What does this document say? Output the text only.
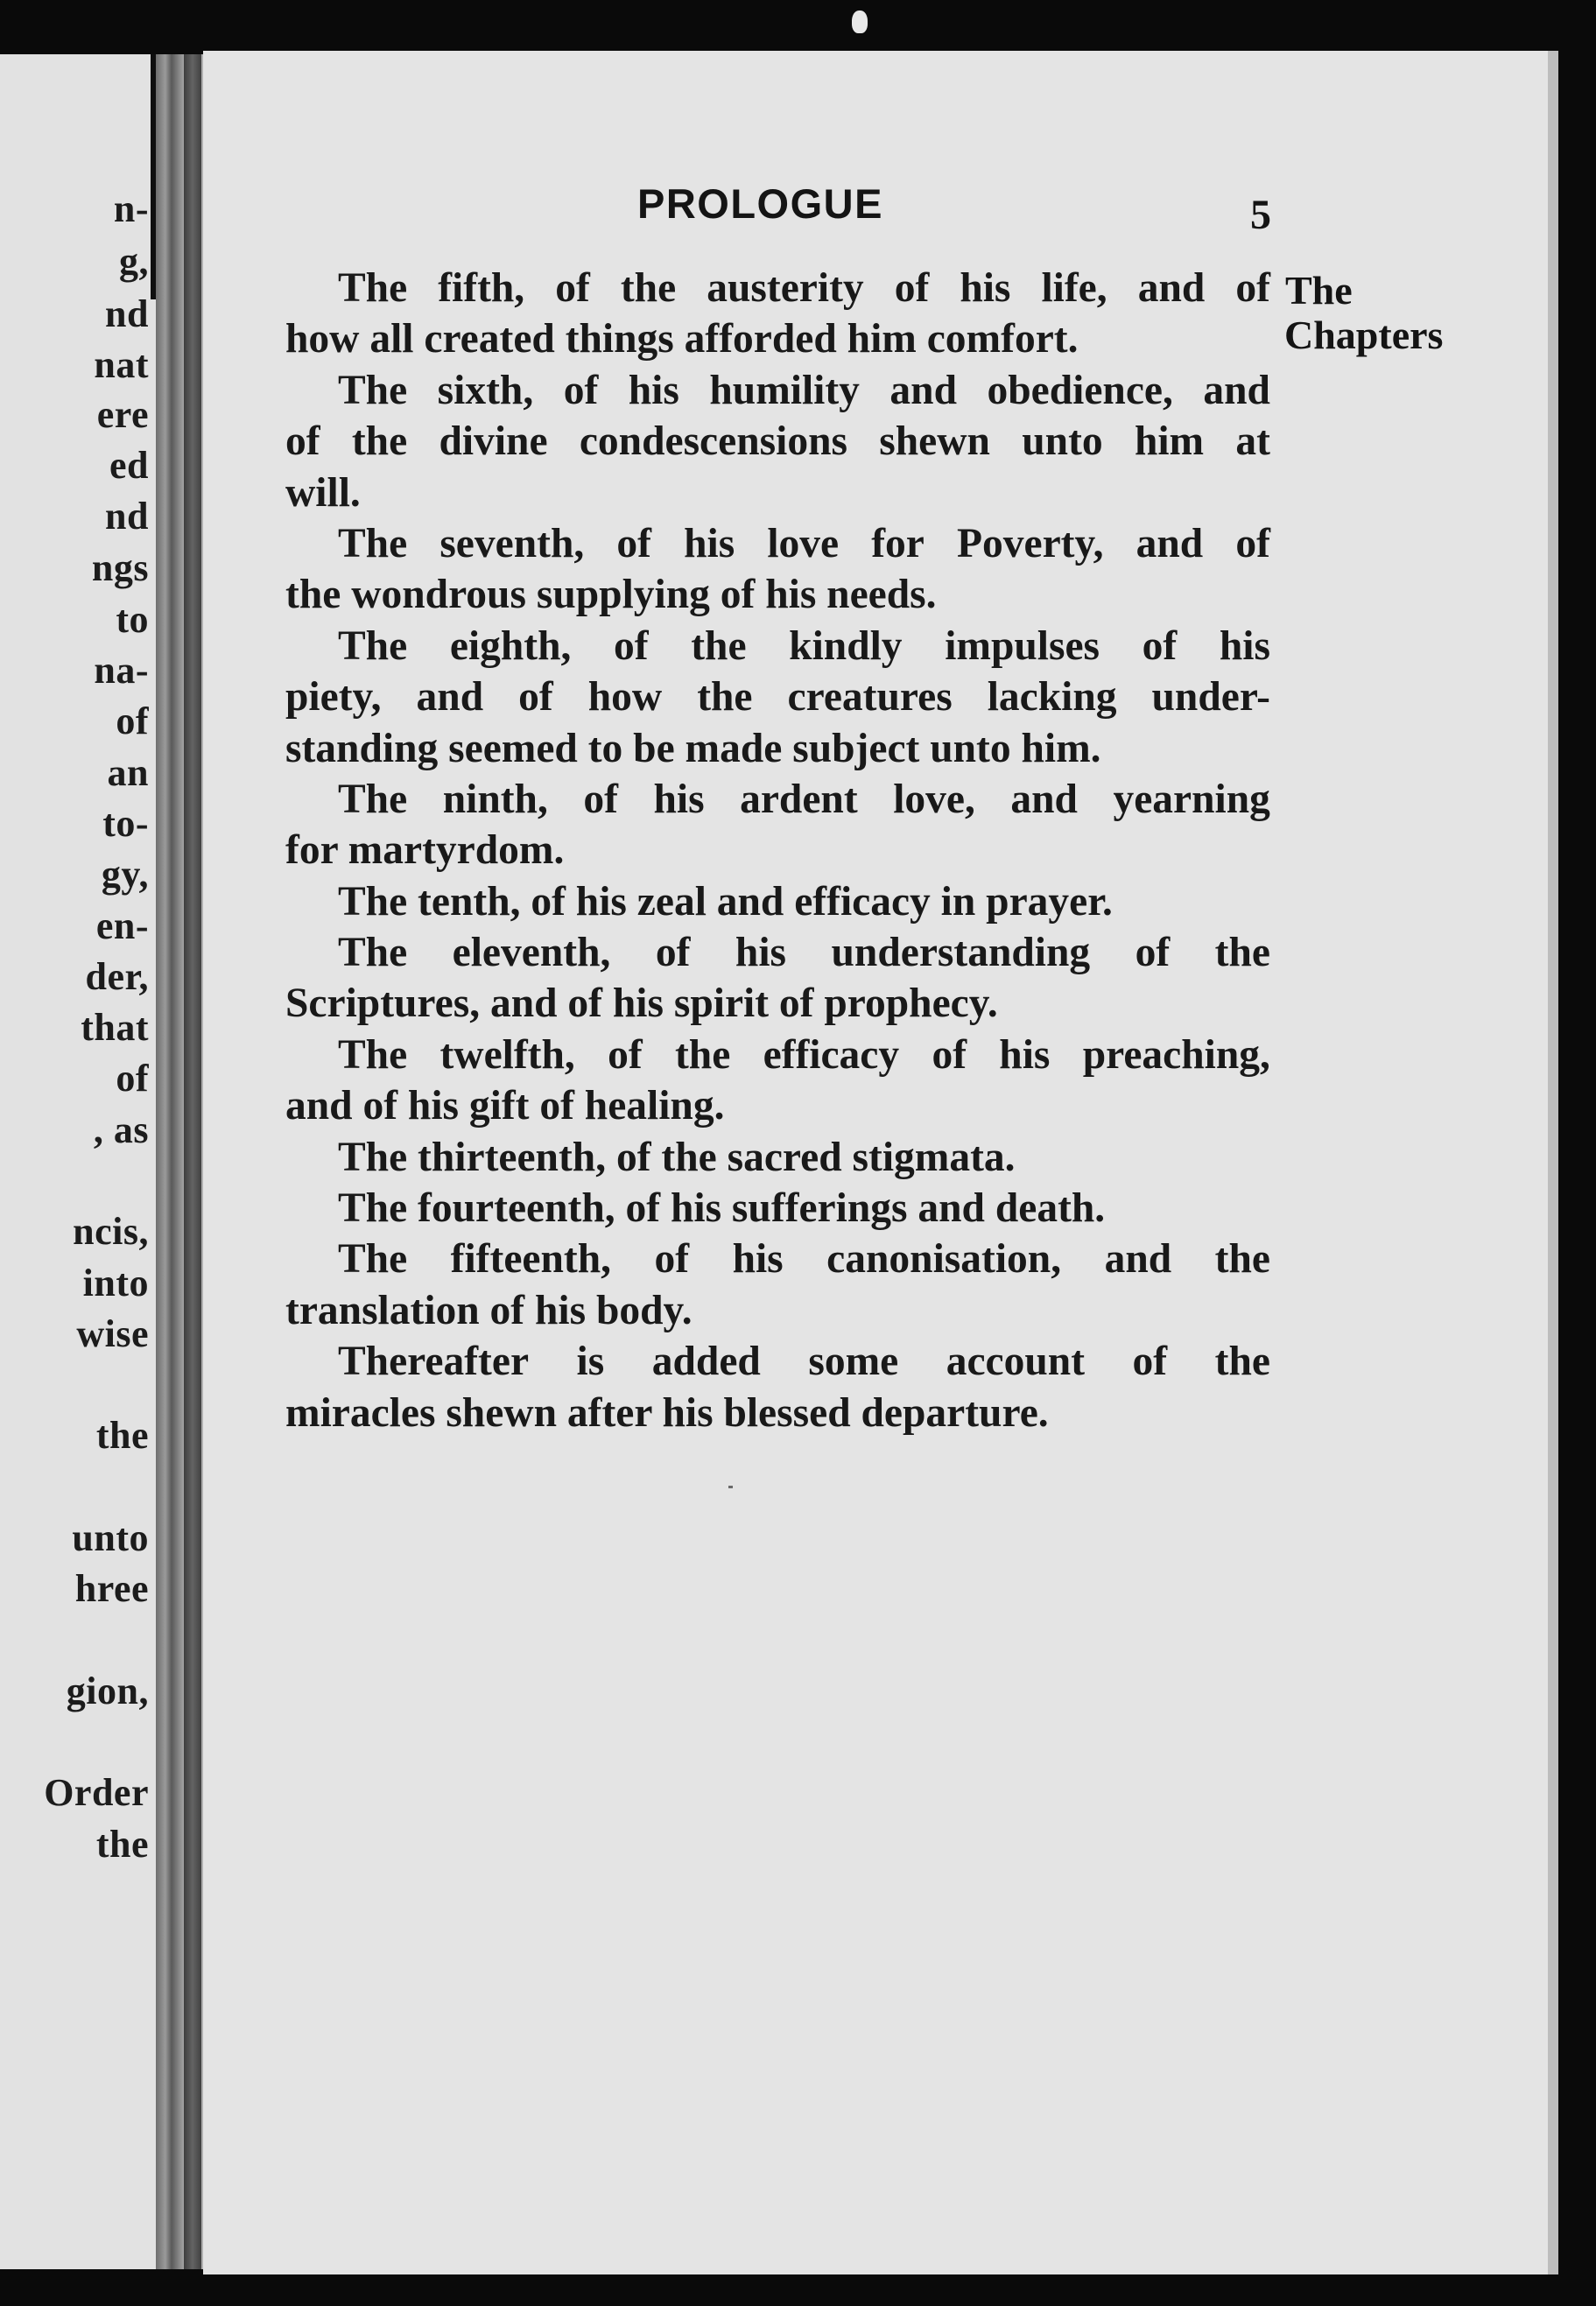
n-
g,
nd
nat
ere
ed
nd
ngs
to
na-
of
an
to-
gy,
en-
der,
that
of
, as
ncis,
into
wise
the
unto
hree
gion,
Order
the
PROLOGUE	5
The
Chapters
The fifth, of the austerity of his life, and of
how all created things afforded him comfort.
The sixth, of his humility and obedience, and
of the divine condescensions shewn unto him at
will.
The seventh, of his love for Poverty, and of
the wondrous supplying of his needs.
The eighth, of the kindly impulses of his
piety, and of how the creatures lacking under-
standing seemed to be made subject unto him.
The ninth, of his ardent love, and yearning
for martyrdom.
The tenth, of his zeal and efficacy in prayer.
The eleventh, of his understanding of the
Scriptures, and of his spirit of prophecy.
The twelfth, of the efficacy of his preaching,
and of his gift of healing.
The thirteenth, of the sacred stigmata.
The fourteenth, of his sufferings and death.
The fifteenth, of his canonisation, and the
translation of his body.
Thereafter is added some account of the
miracles shewn after his blessed departure.
